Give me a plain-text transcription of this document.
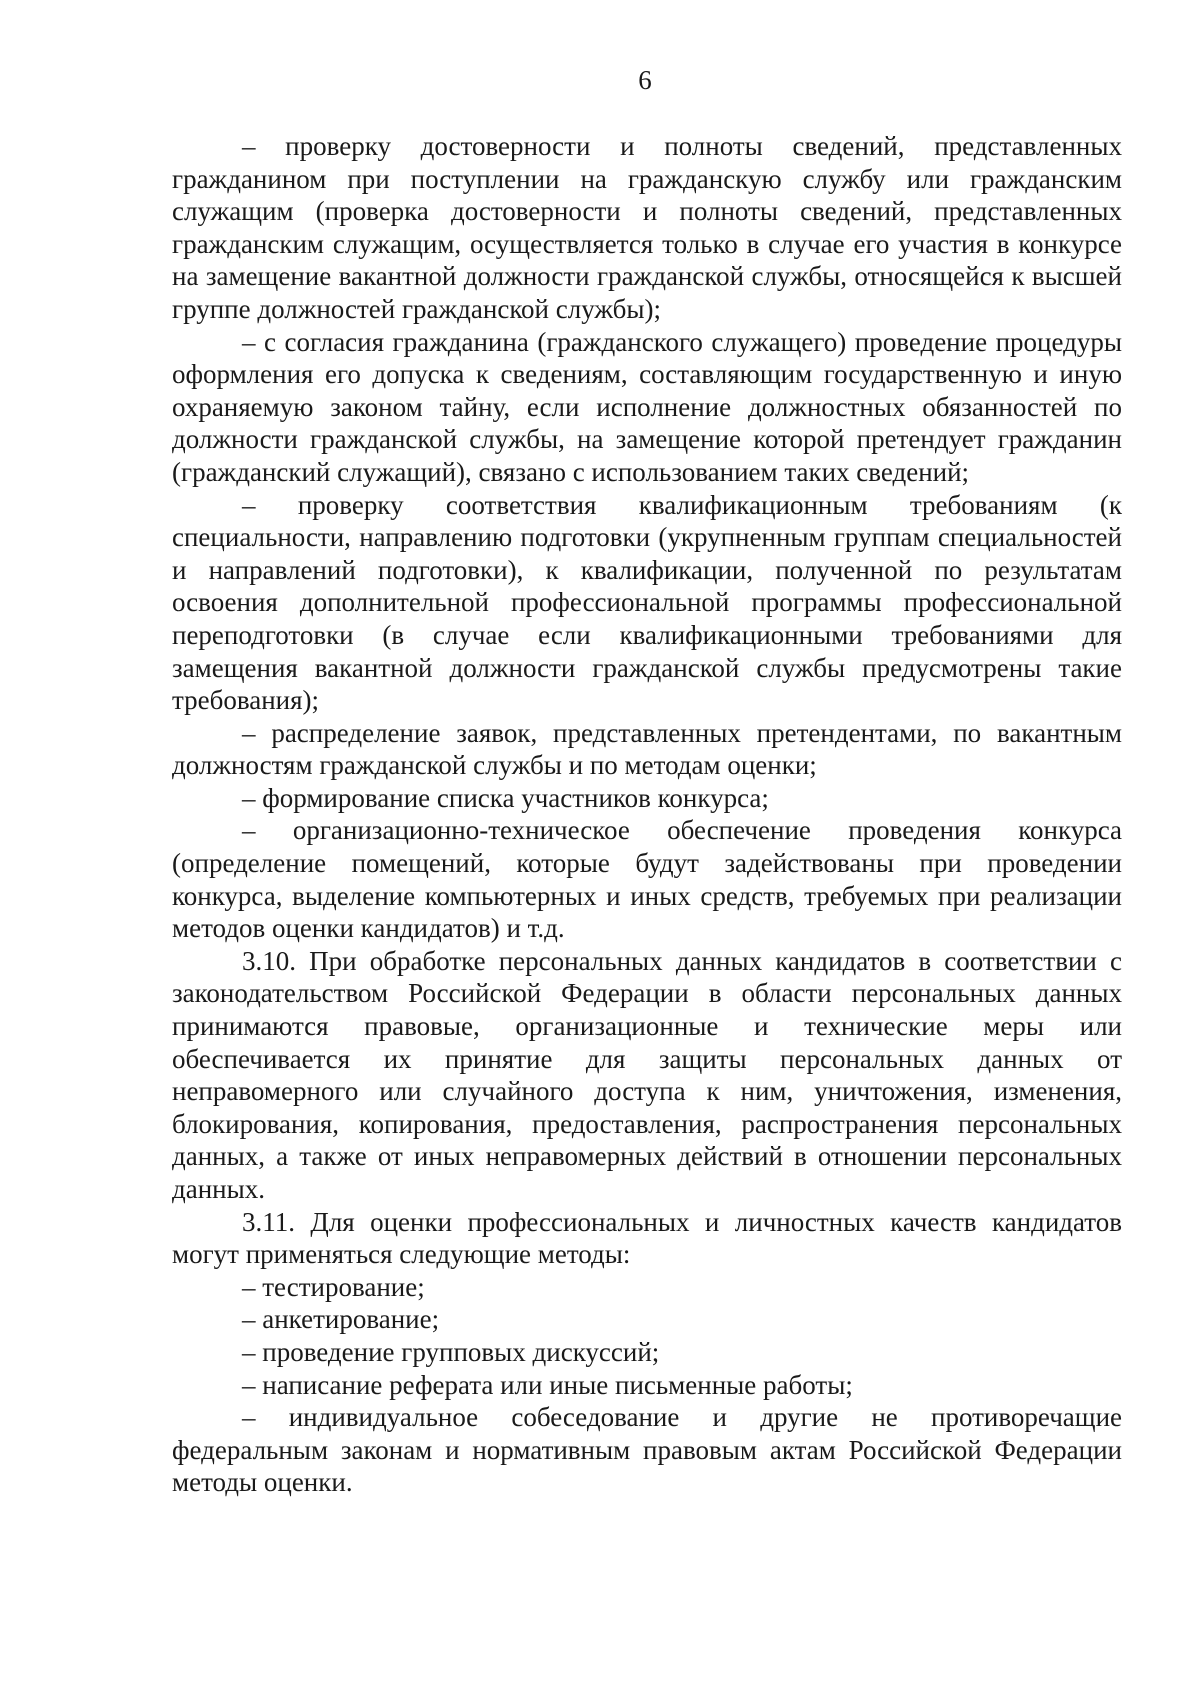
6

– проверку достоверности и полноты сведений, представленных гражданином при поступлении на гражданскую службу или гражданским служащим (проверка достоверности и полноты сведений, представленных гражданским служащим, осуществляется только в случае его участия в конкурсе на замещение вакантной должности гражданской службы, относящейся к высшей группе должностей гражданской службы);

– с согласия гражданина (гражданского служащего) проведение процедуры оформления его допуска к сведениям, составляющим государственную и иную охраняемую законом тайну, если исполнение должностных обязанностей по должности гражданской службы, на замещение которой претендует гражданин (гражданский служащий), связано с использованием таких сведений;

– проверку соответствия квалификационным требованиям (к специальности, направлению подготовки (укрупненным группам специальностей и направлений подготовки), к квалификации, полученной по результатам освоения дополнительной профессиональной программы профессиональной переподготовки (в случае если квалификационными требованиями для замещения вакантной должности гражданской службы предусмотрены такие требования);

– распределение заявок, представленных претендентами, по вакантным должностям гражданской службы и по методам оценки;

– формирование списка участников конкурса;

– организационно-техническое обеспечение проведения конкурса (определение помещений, которые будут задействованы при проведении конкурса, выделение компьютерных и иных средств, требуемых при реализации методов оценки кандидатов) и т.д.

3.10. При обработке персональных данных кандидатов в соответствии с законодательством Российской Федерации в области персональных данных принимаются правовые, организационные и технические меры или обеспечивается их принятие для защиты персональных данных от неправомерного или случайного доступа к ним, уничтожения, изменения, блокирования, копирования, предоставления, распространения персональных данных, а также от иных неправомерных действий в отношении персональных данных.

3.11. Для оценки профессиональных и личностных качеств кандидатов могут применяться следующие методы:

– тестирование;

– анкетирование;

– проведение групповых дискуссий;

– написание реферата или иные письменные работы;

– индивидуальное собеседование и другие не противоречащие федеральным законам и нормативным правовым актам Российской Федерации методы оценки.
